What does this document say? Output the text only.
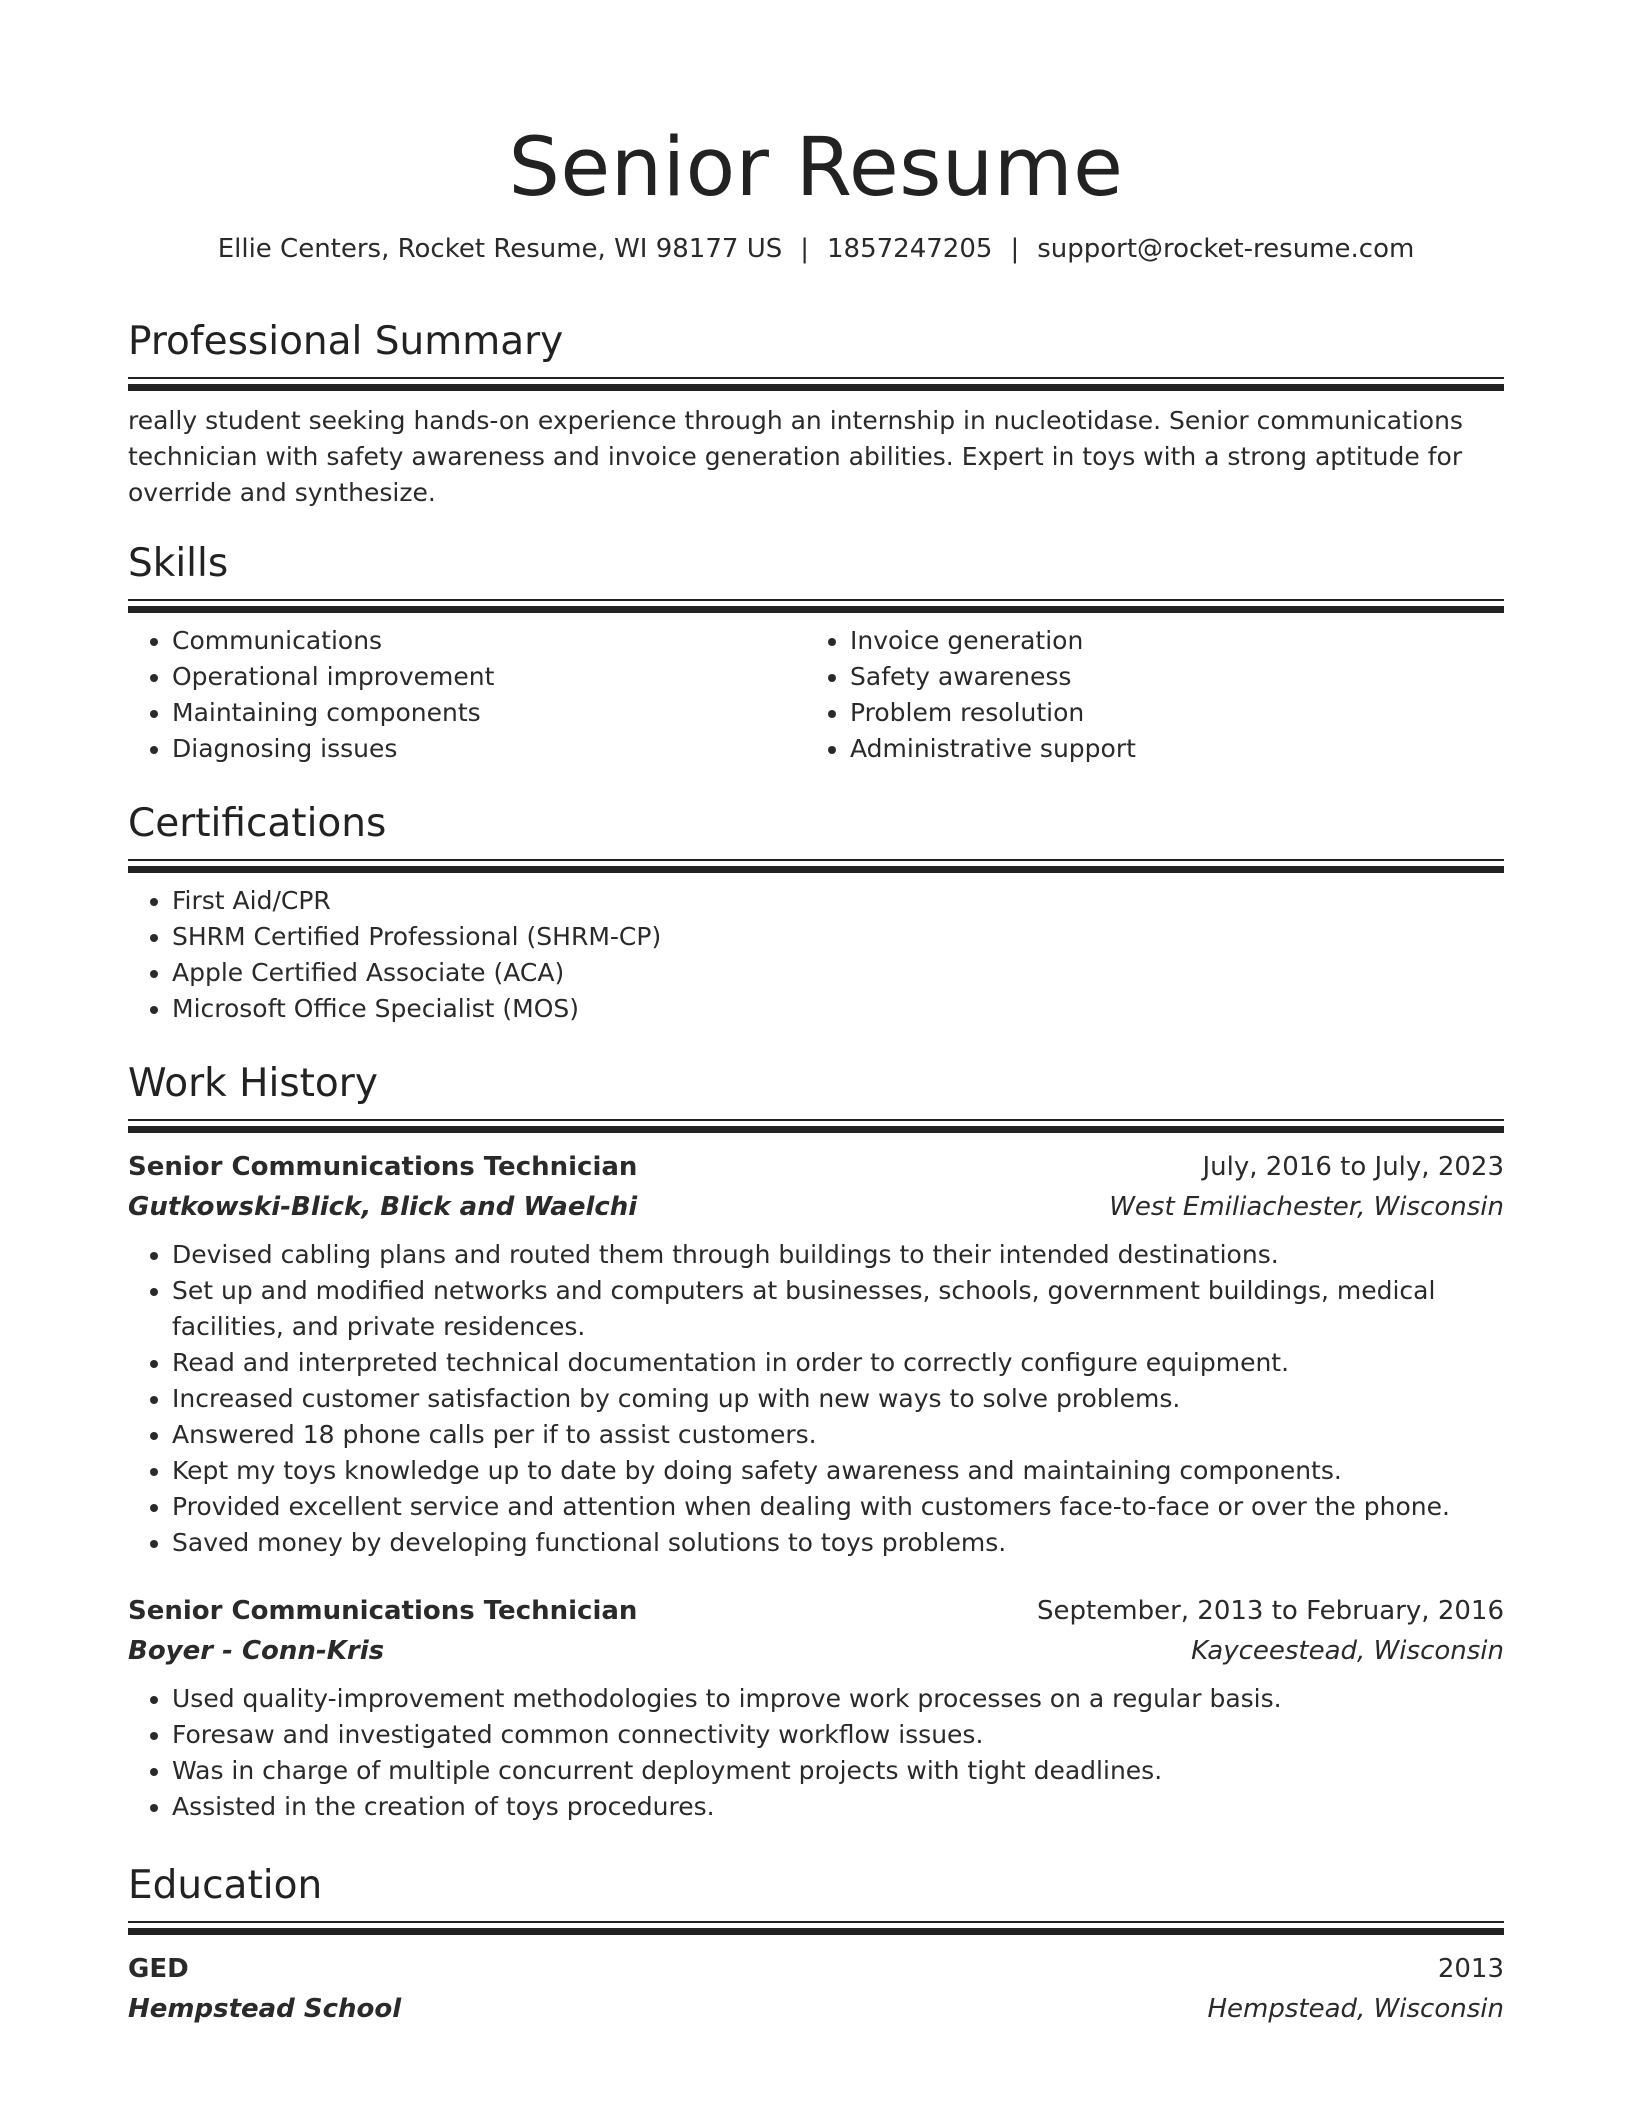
Senior Resume
Ellie Centers, Rocket Resume, WI 98177 US | 1857247205 | support@rocket-resume.com
Professional Summary
really student seeking hands-on experience through an internship in nucleotidase. Senior communications technician with safety awareness and invoice generation abilities. Expert in toys with a strong aptitude for override and synthesize.
Skills
• Communications
• Operational improvement
• Maintaining components
• Diagnosing issues
• Invoice generation
• Safety awareness
• Problem resolution
• Administrative support
Certifications
• First Aid/CPR
• SHRM Certified Professional (SHRM-CP)
• Apple Certified Associate (ACA)
• Microsoft Office Specialist (MOS)
Work History
Senior Communications Technician	July, 2016 to July, 2023
Gutkowski-Blick, Blick and Waelchi	West Emiliachester, Wisconsin
• Devised cabling plans and routed them through buildings to their intended destinations.
• Set up and modified networks and computers at businesses, schools, government buildings, medical facilities, and private residences.
• Read and interpreted technical documentation in order to correctly configure equipment.
• Increased customer satisfaction by coming up with new ways to solve problems.
• Answered 18 phone calls per if to assist customers.
• Kept my toys knowledge up to date by doing safety awareness and maintaining components.
• Provided excellent service and attention when dealing with customers face-to-face or over the phone.
• Saved money by developing functional solutions to toys problems.
Senior Communications Technician	September, 2013 to February, 2016
Boyer - Conn-Kris	Kayceestead, Wisconsin
• Used quality-improvement methodologies to improve work processes on a regular basis.
• Foresaw and investigated common connectivity workflow issues.
• Was in charge of multiple concurrent deployment projects with tight deadlines.
• Assisted in the creation of toys procedures.
Education
GED	2013
Hempstead School	Hempstead, Wisconsin
